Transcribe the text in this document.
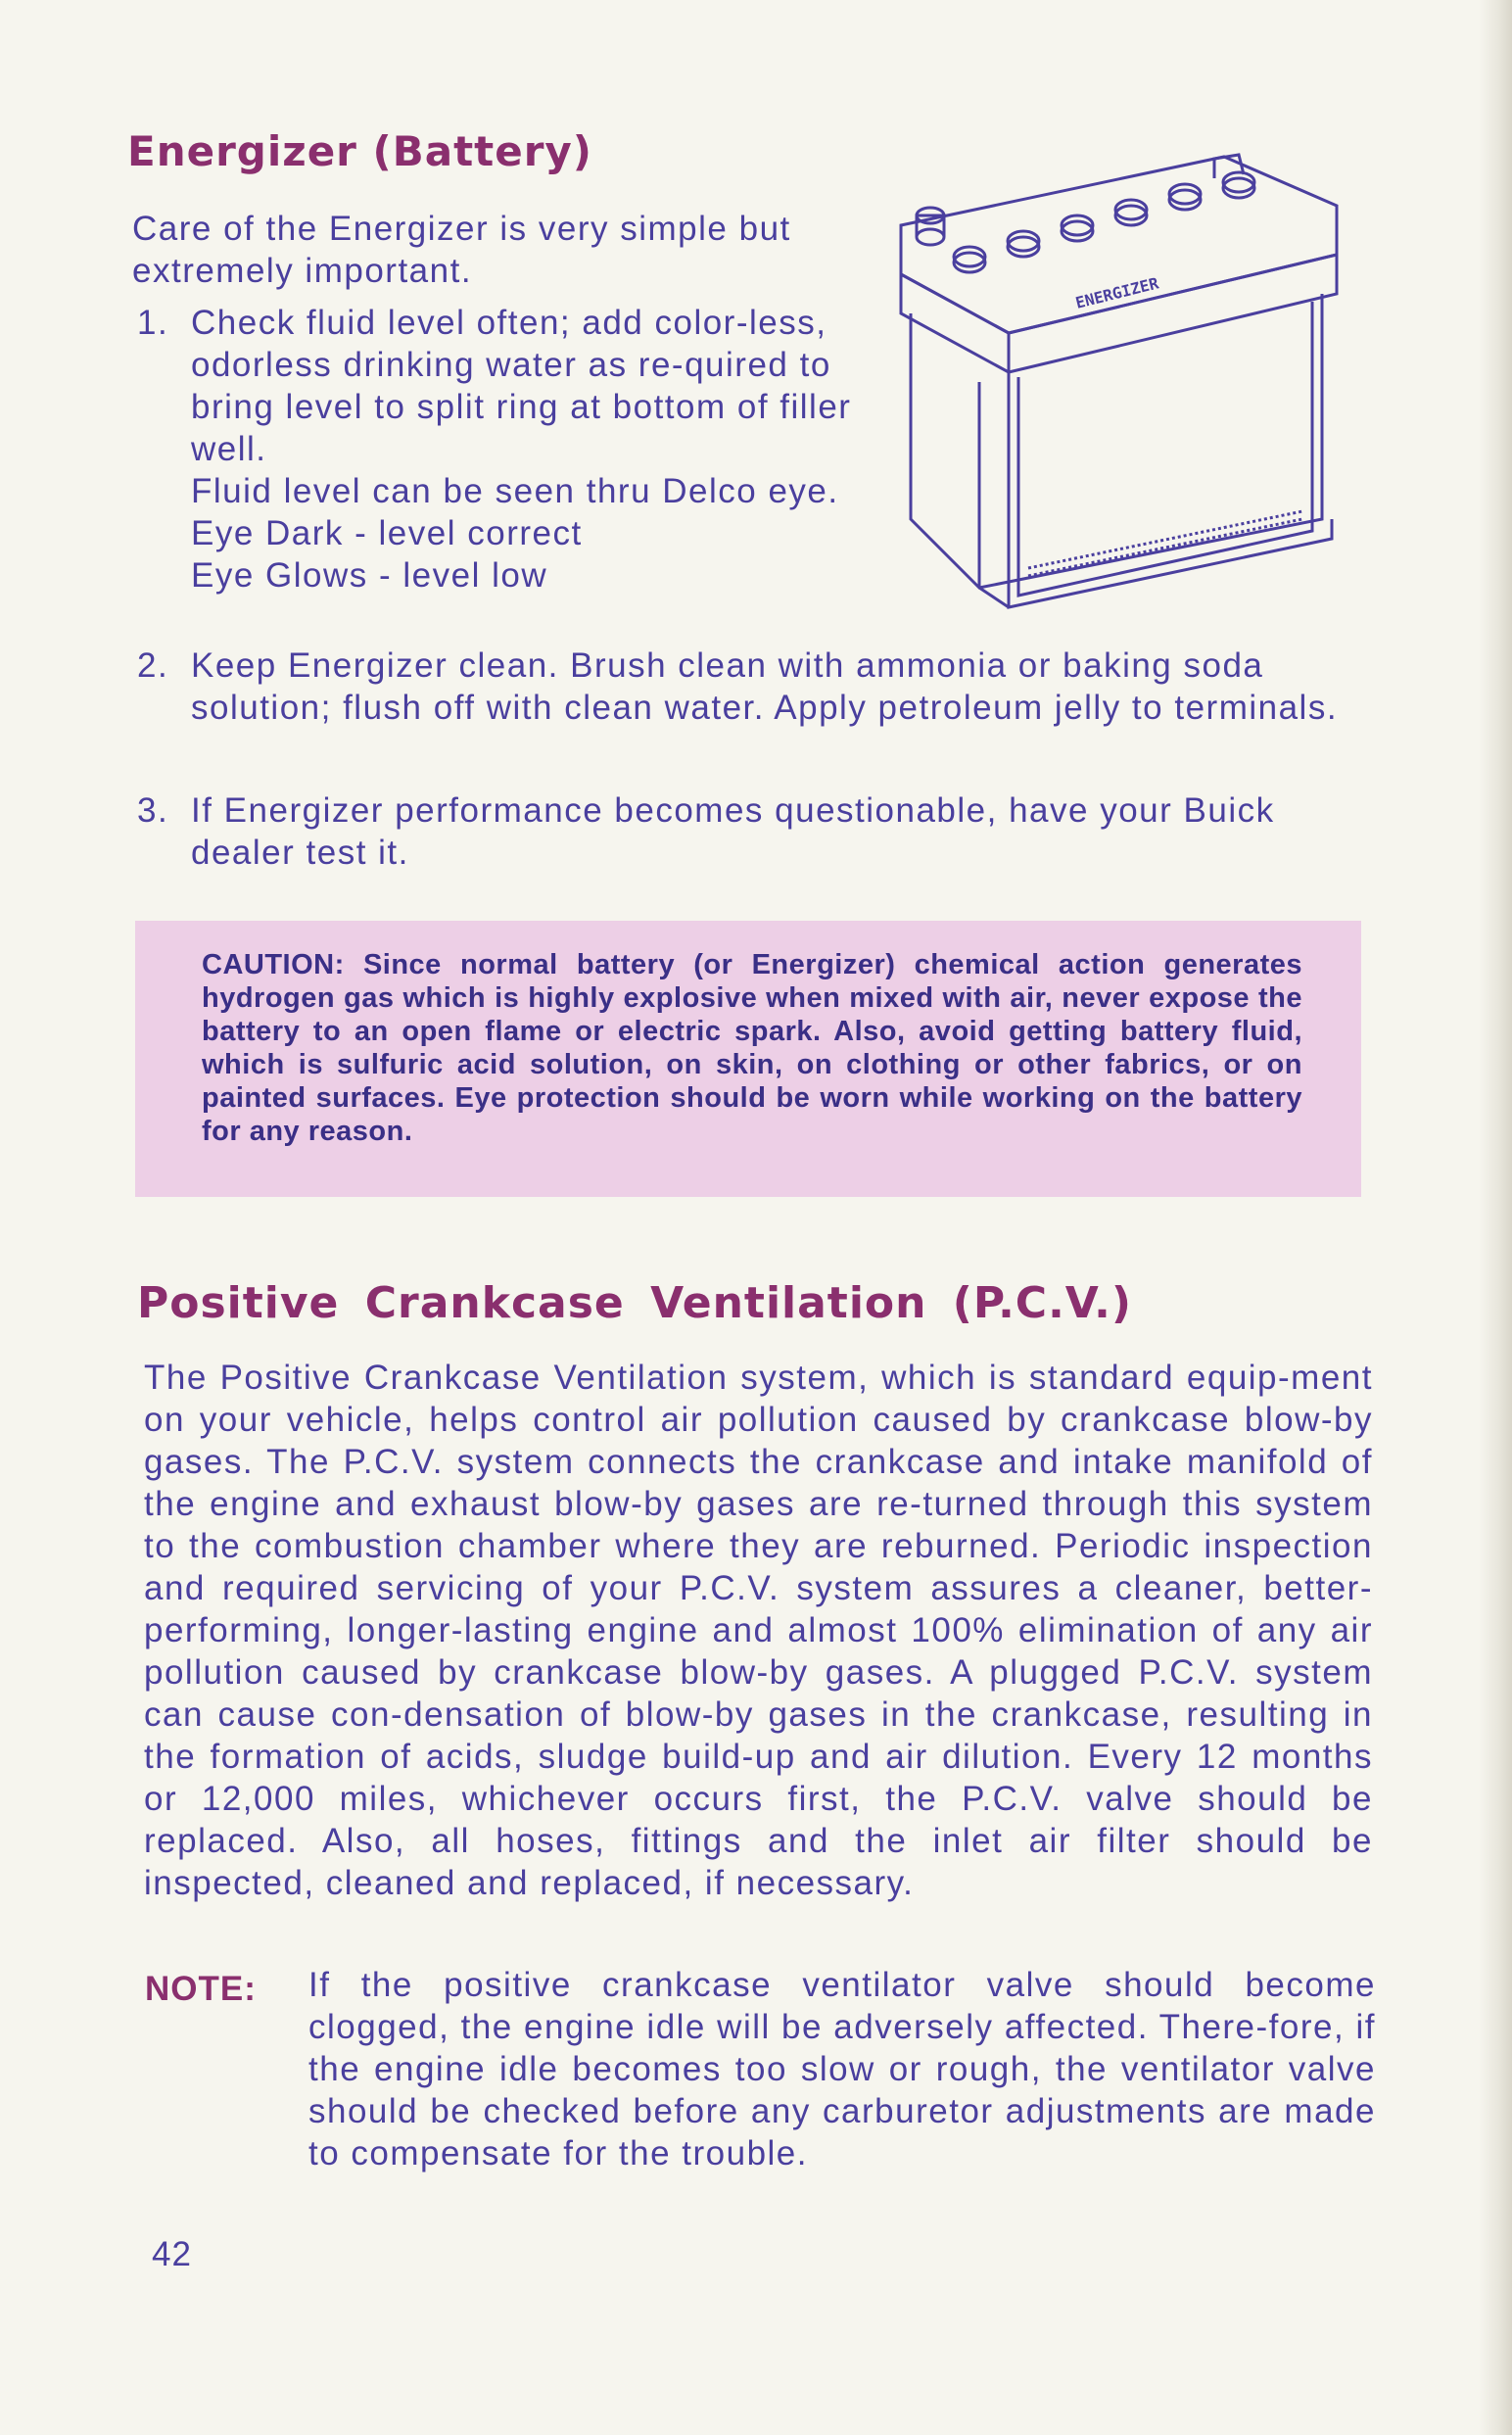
Energizer (Battery)
Care of the Energizer is very simple but extremely important.
1. Check fluid level often; add color-less, odorless drinking water as re-quired to bring level to split ring at bottom of filler well.
Fluid level can be seen thru Delco eye.
Eye Dark - level correct
Eye Glows - level low
2. Keep Energizer clean. Brush clean with ammonia or baking soda solution; flush off with clean water. Apply petroleum jelly to terminals.
3. If Energizer performance becomes questionable, have your Buick dealer test it.
ENERGIZER
CAUTION: Since normal battery (or Energizer) chemical action generates hydrogen gas which is highly explosive when mixed with air, never expose the battery to an open flame or electric spark. Also, avoid getting battery fluid, which is sulfuric acid solution, on skin, on clothing or other fabrics, or on painted surfaces. Eye protection should be worn while working on the battery for any reason.
Positive Crankcase Ventilation (P.C.V.)
The Positive Crankcase Ventilation system, which is standard equip-ment on your vehicle, helps control air pollution caused by crankcase blow-by gases. The P.C.V. system connects the crankcase and intake manifold of the engine and exhaust blow-by gases are re-turned through this system to the combustion chamber where they are reburned. Periodic inspection and required servicing of your P.C.V. system assures a cleaner, better-performing, longer-lasting engine and almost 100% elimination of any air pollution caused by crankcase blow-by gases. A plugged P.C.V. system can cause con-densation of blow-by gases in the crankcase, resulting in the formation of acids, sludge build-up and air dilution. Every 12 months or 12,000 miles, whichever occurs first, the P.C.V. valve should be replaced. Also, all hoses, fittings and the inlet air filter should be inspected, cleaned and replaced, if necessary.
NOTE: If the positive crankcase ventilator valve should become clogged, the engine idle will be adversely affected. There-fore, if the engine idle becomes too slow or rough, the ventilator valve should be checked before any carburetor adjustments are made to compensate for the trouble.
42
